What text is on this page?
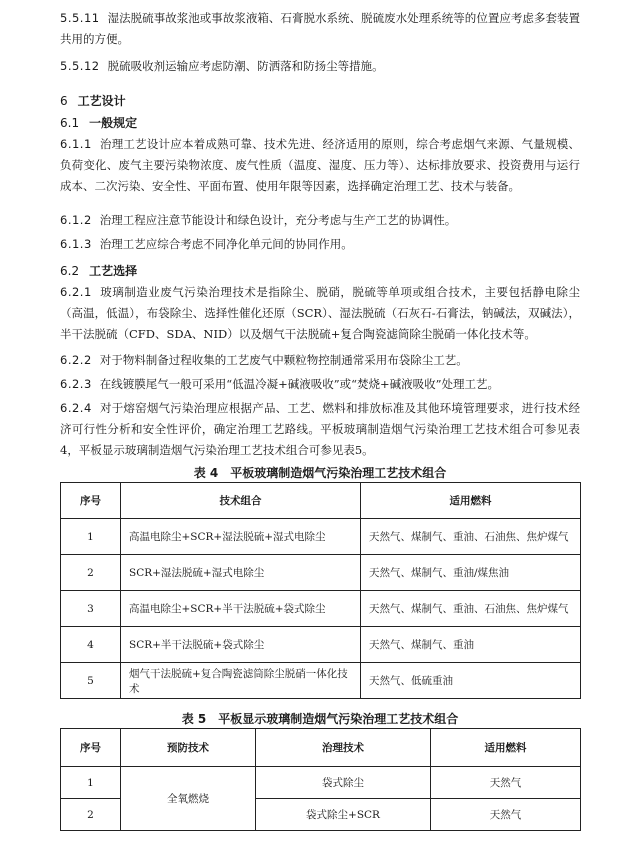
5.5.11 湿法脱硫事故浆池或事故浆液箱、石膏脱水系统、脱硫废水处理系统等的位置应考虑多套装置共用的方便。
5.5.12 脱硫吸收剂运输应考虑防潮、防洒落和防扬尘等措施。
6 工艺设计
6.1 一般规定
6.1.1 治理工艺设计应本着成熟可靠、技术先进、经济适用的原则，综合考虑烟气来源、气量规模、负荷变化、废气主要污染物浓度、废气性质（温度、湿度、压力等）、达标排放要求、投资费用与运行成本、二次污染、安全性、平面布置、使用年限等因素，选择确定治理工艺、技术与装备。
6.1.2 治理工程应注意节能设计和绿色设计，充分考虑与生产工艺的协调性。
6.1.3 治理工艺应综合考虑不同净化单元间的协同作用。
6.2 工艺选择
6.2.1 玻璃制造业废气污染治理技术是指除尘、脱硝，脱硫等单项或组合技术，主要包括静电除尘（高温，低温），布袋除尘、选择性催化还原（SCR）、湿法脱硫（石灰石-石膏法，钠碱法，双碱法），半干法脱硫（CFD、SDA、NID）以及烟气干法脱硫+复合陶瓷滤筒除尘脱硝一体化技术等。
6.2.2 对于物料制备过程收集的工艺废气中颗粒物控制通常采用布袋除尘工艺。
6.2.3 在线镀膜尾气一般可采用“低温冷凝+碱液吸收”或“焚烧+碱液吸收”处理工艺。
6.2.4 对于熔窑烟气污染治理应根据产品、工艺、燃料和排放标准及其他环境管理要求，进行技术经济可行性分析和安全性评价，确定治理工艺路线。平板玻璃制造烟气污染治理工艺技术组合可参见表4，平板显示玻璃制造烟气污染治理工艺技术组合可参见表5。
表 4　平板玻璃制造烟气污染治理工艺技术组合
序号	技术组合	适用燃料
1	高温电除尘+SCR+湿法脱硫+湿式电除尘	天然气、煤制气、重油、石油焦、焦炉煤气
2	SCR+湿法脱硫+湿式电除尘	天然气、煤制气、重油/煤焦油
3	高温电除尘+SCR+半干法脱硫+袋式除尘	天然气、煤制气、重油、石油焦、焦炉煤气
4	SCR+半干法脱硫+袋式除尘	天然气、煤制气、重油
5	烟气干法脱硫+复合陶瓷滤筒除尘脱硝一体化技术	天然气、低硫重油
表 5　平板显示玻璃制造烟气污染治理工艺技术组合
序号	预防技术	治理技术	适用燃料
1	全氧燃烧	袋式除尘	天然气
2		袋式除尘+SCR	天然气
